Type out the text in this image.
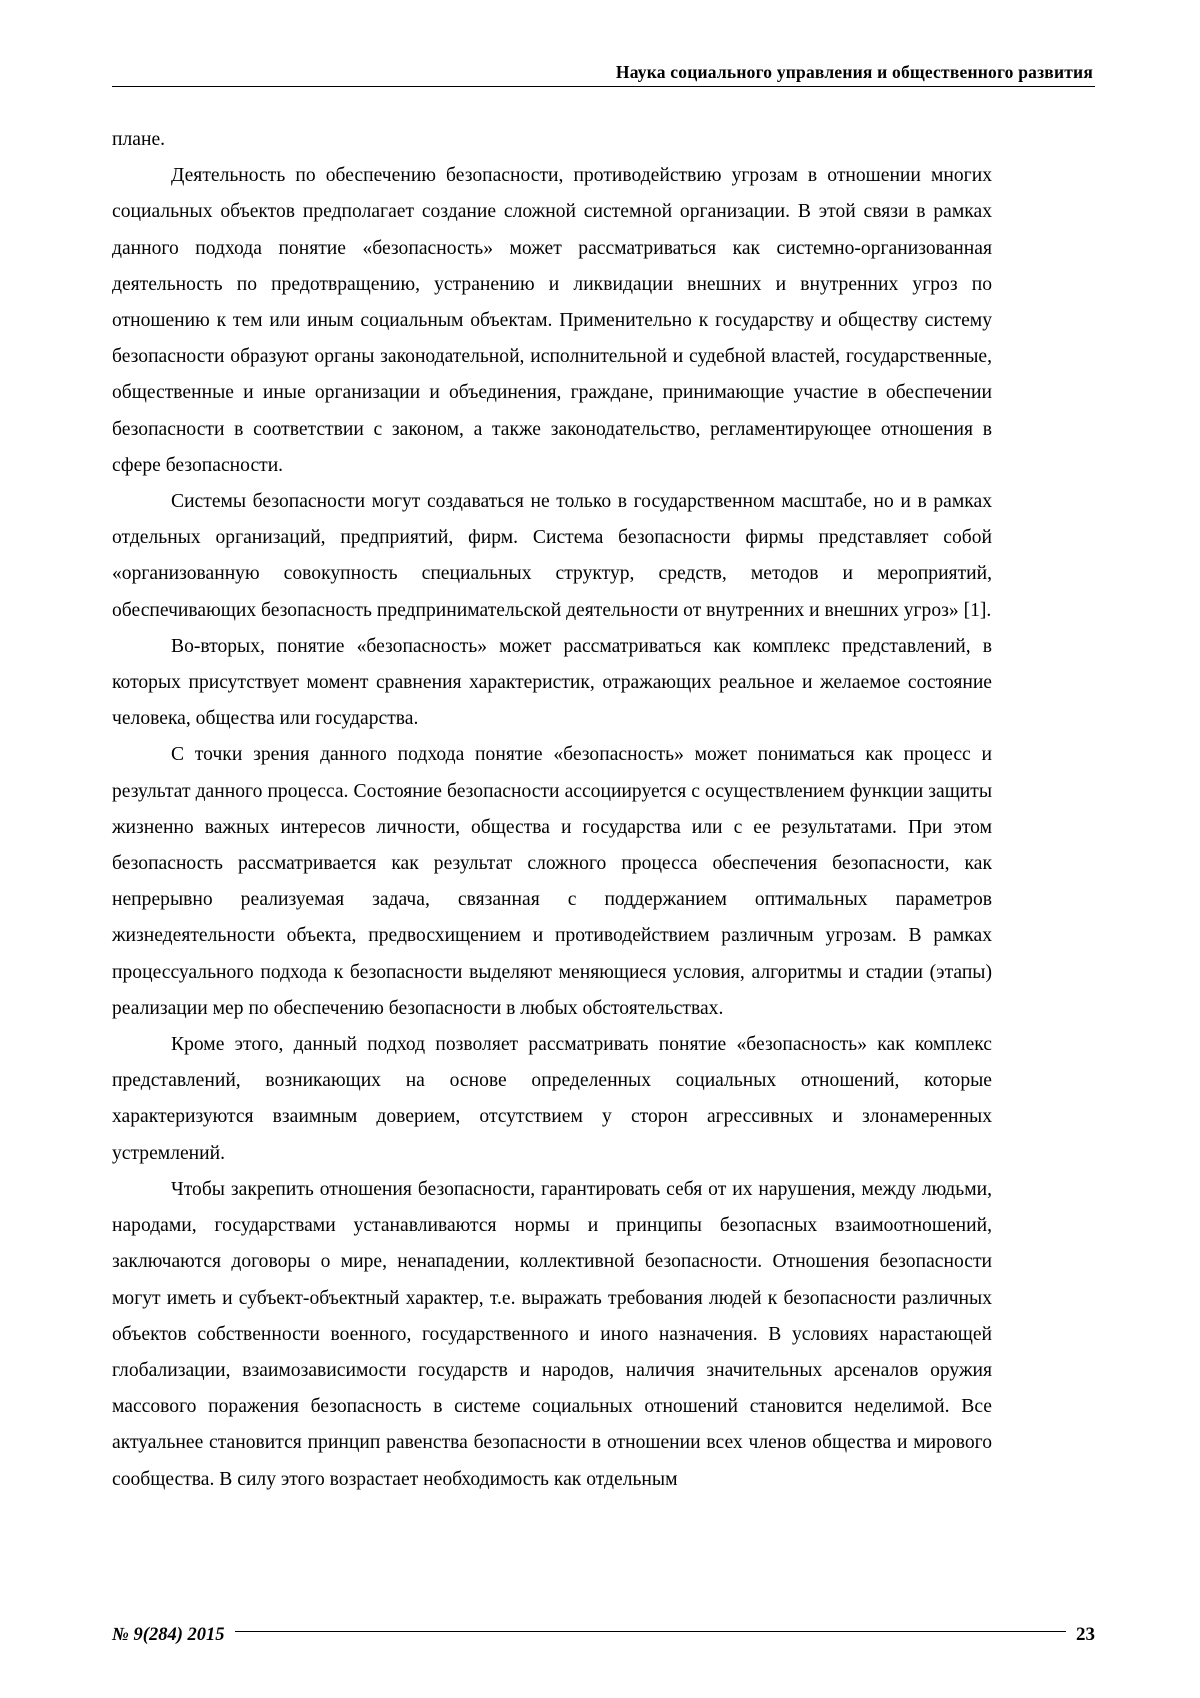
Наука социального управления и общественного развития

плане.

Деятельность по обеспечению безопасности, противодействию угрозам в отношении многих социальных объектов предполагает создание сложной системной организации. В этой связи в рамках данного подхода понятие «безопасность» может рассматриваться как системно-организованная деятельность по предотвращению, устранению и ликвидации внешних и внутренних угроз по отношению к тем или иным социальным объектам. Применительно к государству и обществу систему безопасности образуют органы законодательной, исполнительной и судебной властей, государственные, общественные и иные организации и объединения, граждане, принимающие участие в обеспечении безопасности в соответствии с законом, а также законодательство, регламентирующее отношения в сфере безопасности.

Системы безопасности могут создаваться не только в государственном масштабе, но и в рамках отдельных организаций, предприятий, фирм. Система безопасности фирмы представляет собой «организованную совокупность специальных структур, средств, методов и мероприятий, обеспечивающих безопасность предпринимательской деятельности от внутренних и внешних угроз» [1].

Во-вторых, понятие «безопасность» может рассматриваться как комплекс представлений, в которых присутствует момент сравнения характеристик, отражающих реальное и желаемое состояние человека, общества или государства.

С точки зрения данного подхода понятие «безопасность» может пониматься как процесс и результат данного процесса. Состояние безопасности ассоциируется с осуществлением функции защиты жизненно важных интересов личности, общества и государства или с ее результатами. При этом безопасность рассматривается как результат сложного процесса обеспечения безопасности, как непрерывно реализуемая задача, связанная с поддержанием оптимальных параметров жизнедеятельности объекта, предвосхищением и противодействием различным угрозам. В рамках процессуального подхода к безопасности выделяют меняющиеся условия, алгоритмы и стадии (этапы) реализации мер по обеспечению безопасности в любых обстоятельствах.

Кроме этого, данный подход позволяет рассматривать понятие «безопасность» как комплекс представлений, возникающих на основе определенных социальных отношений, которые характеризуются взаимным доверием, отсутствием у сторон агрессивных и злонамеренных устремлений.

Чтобы закрепить отношения безопасности, гарантировать себя от их нарушения, между людьми, народами, государствами устанавливаются нормы и принципы безопасных взаимоотношений, заключаются договоры о мире, ненападении, коллективной безопасности. Отношения безопасности могут иметь и субъект-объектный характер, т.е. выражать требования людей к безопасности различных объектов собственности военного, государственного и иного назначения. В условиях нарастающей глобализации, взаимозависимости государств и народов, наличия значительных арсеналов оружия массового поражения безопасность в системе социальных отношений становится неделимой. Все актуальнее становится принцип равенства безопасности в отношении всех членов общества и мирового сообщества. В силу этого возрастает необходимость как отдельным

№ 9(284) 2015	23
